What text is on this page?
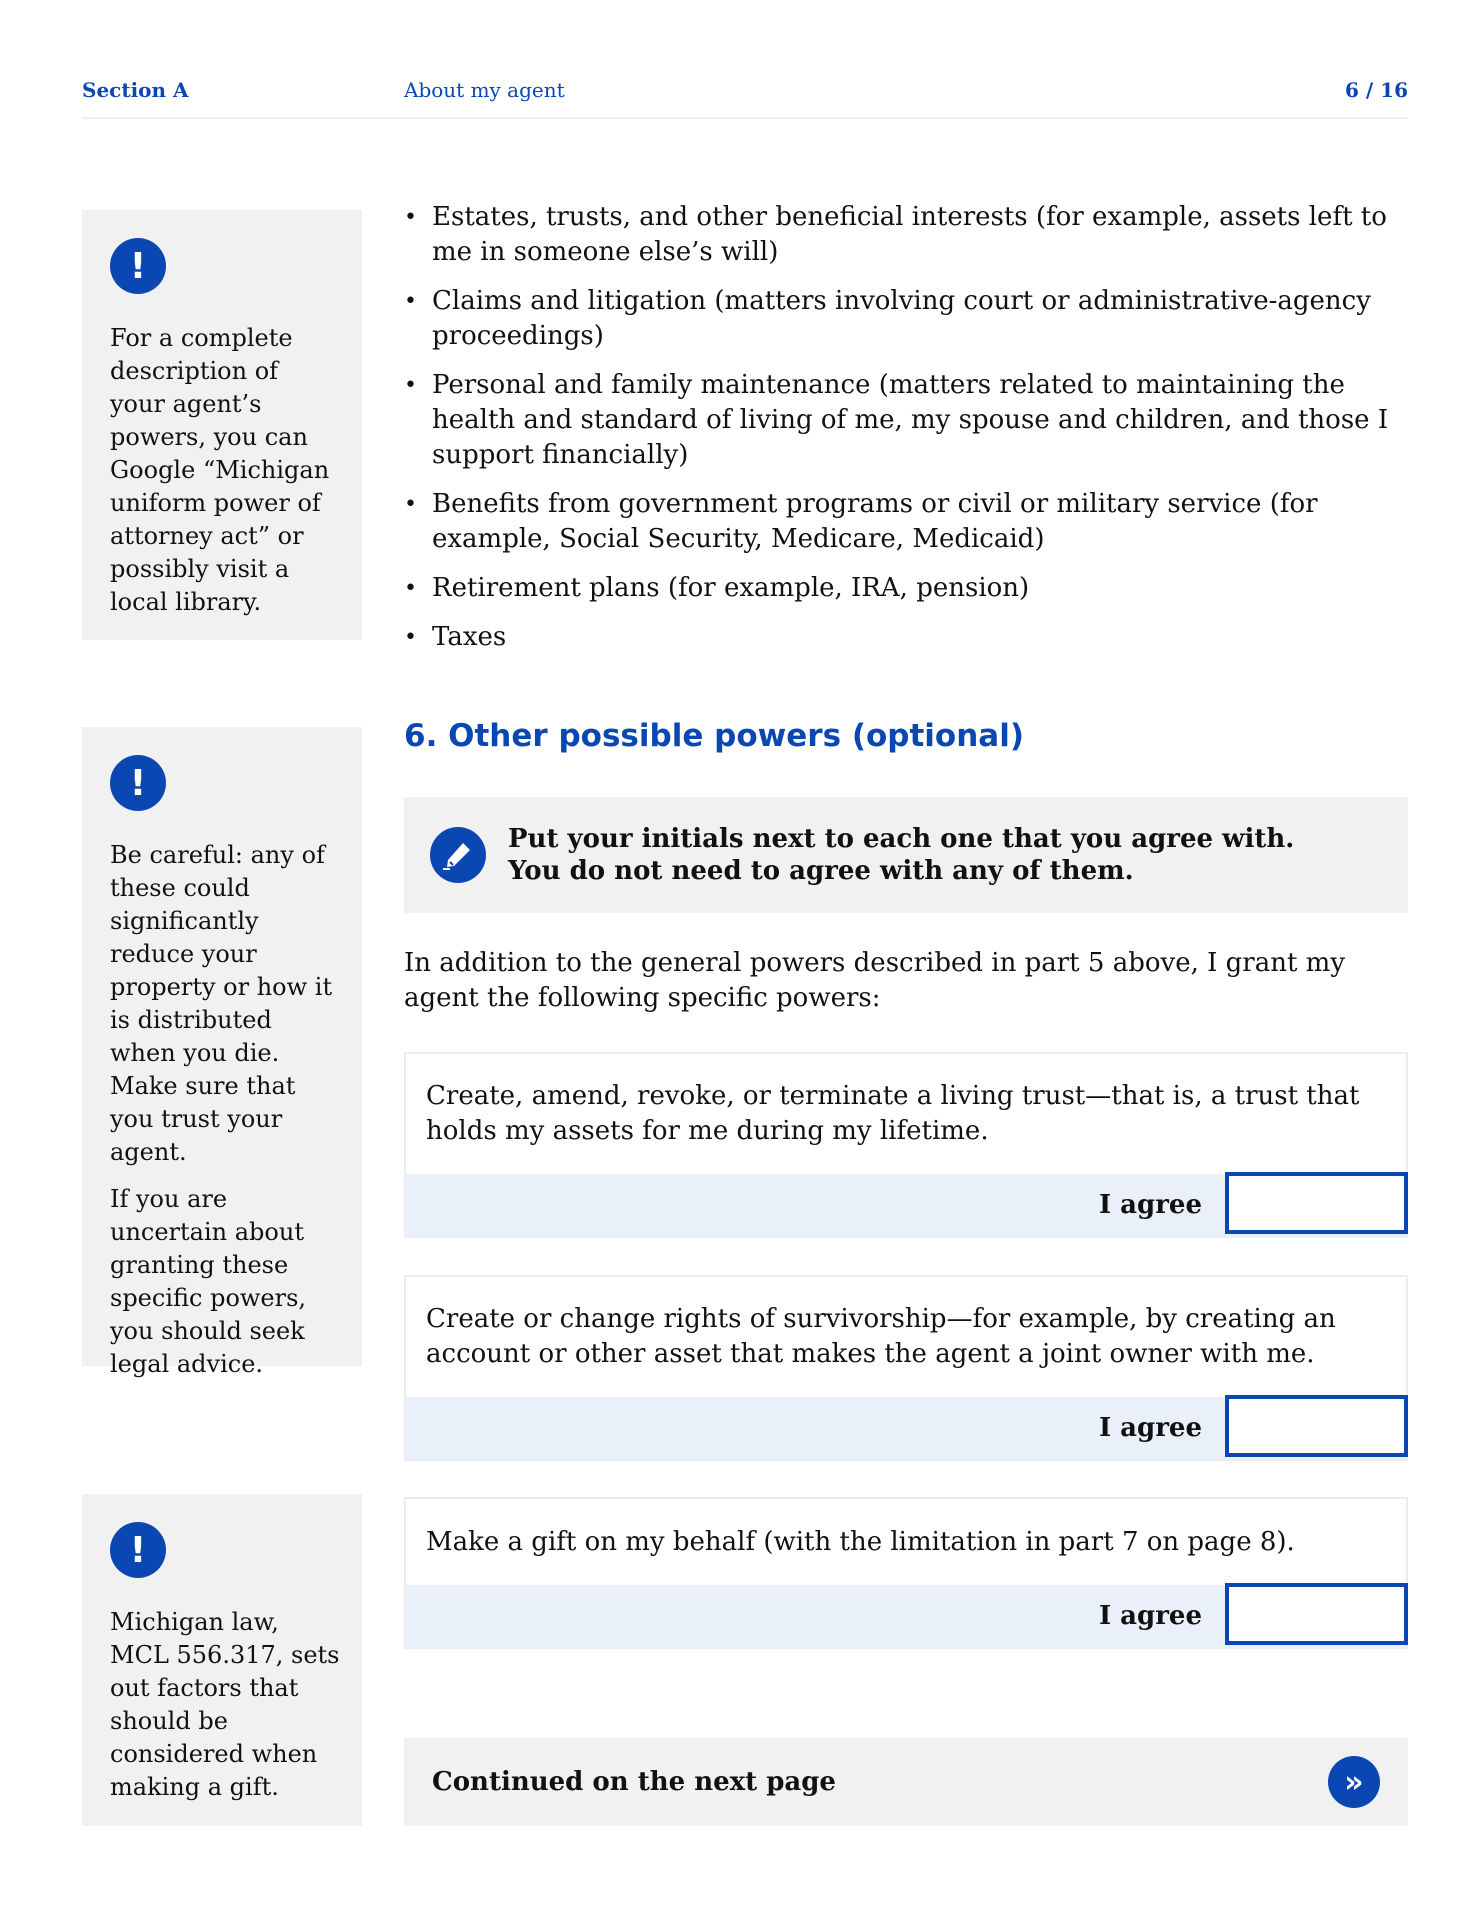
Section A	About my agent	6 / 16
!

For a complete description of your agent’s powers, you can Google “Michigan uniform power of attorney act” or possibly visit a local library.

• Estates, trusts, and other beneficial interests (for example, assets left to me in someone else’s will)
• Claims and litigation (matters involving court or administrative-agency proceedings)
• Personal and family maintenance (matters related to maintaining the health and standard of living of me, my spouse and children, and those I support financially)
• Benefits from government programs or civil or military service (for example, Social Security, Medicare, Medicaid)
• Retirement plans (for example, IRA, pension)
• Taxes
!

Be careful: any of these could significantly reduce your property or how it is distributed when you die. Make sure that you trust your agent.

If you are uncertain about granting these specific powers, you should seek legal advice.

6. Other possible powers (optional)
Put your initials next to each one that you agree with.
You do not need to agree with any of them.

In addition to the general powers described in part 5 above, I grant my agent the following specific powers:

Create, amend, revoke, or terminate a living trust—that is, a trust that holds my assets for me during my lifetime.
I agree
Create or change rights of survivorship—for example, by creating an account or other asset that makes the agent a joint owner with me.
I agree
!

Michigan law, MCL 556.317, sets out factors that should be considered when making a gift.

Make a gift on my behalf (with the limitation in part 7 on page 8).
I agree
Continued on the next page	»
